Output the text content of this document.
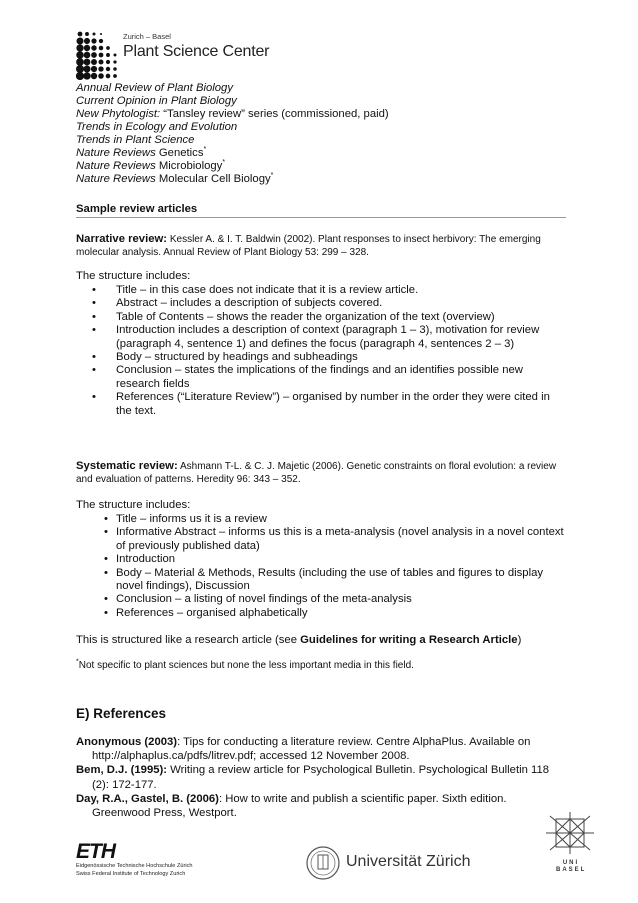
Zurich – Basel
Plant Science Center
Annual Review of Plant Biology
Current Opinion in Plant Biology
New Phytologist: “Tansley review” series (commissioned, paid)
Trends in Ecology and Evolution
Trends in Plant Science
Nature Reviews Genetics*
Nature Reviews Microbiology*
Nature Reviews Molecular Cell Biology*
Sample review articles
Narrative review: Kessler A. & I. T. Baldwin (2002). Plant responses to insect herbivory: The emerging molecular analysis. Annual Review of Plant Biology 53: 299 – 328.
The structure includes:
• Title – in this case does not indicate that it is a review article.
• Abstract – includes a description of subjects covered.
• Table of Contents – shows the reader the organization of the text (overview)
• Introduction includes a description of context (paragraph 1 – 3), motivation for review (paragraph 4, sentence 1) and defines the focus (paragraph 4, sentences 2 – 3)
• Body – structured by headings and subheadings
• Conclusion – states the implications of the findings and an identifies possible new research fields
• References (“Literature Review”) – organised by number in the order they were cited in the text.
Systematic review: Ashmann T-L. & C. J. Majetic (2006). Genetic constraints on floral evolution: a review and evaluation of patterns. Heredity 96: 343 – 352.
The structure includes:
• Title – informs us it is a review
• Informative Abstract – informs us this is a meta-analysis (novel analysis in a novel context of previously published data)
• Introduction
• Body – Material & Methods, Results (including the use of tables and figures to display novel findings), Discussion
• Conclusion – a listing of novel findings of the meta-analysis
• References – organised alphabetically
This is structured like a research article (see Guidelines for writing a Research Article)
*Not specific to plant sciences but none the less important media in this field.
E) References

Anonymous (2003): Tips for conducting a literature review. Centre AlphaPlus. Available on http://alphaplus.ca/pdfs/litrev.pdf; accessed 12 November 2008.

Bem, D.J. (1995): Writing a review article for Psychological Bulletin. Psychological Bulletin 118 (2): 172-177.

Day, R.A., Gastel, B. (2006): How to write and publish a scientific paper. Sixth edition. Greenwood Press, Westport.

ETH
Eidgenössische Technische Hochschule Zürich
Swiss Federal Institute of Technology Zurich
Universität Zürich	UNI BASEL
